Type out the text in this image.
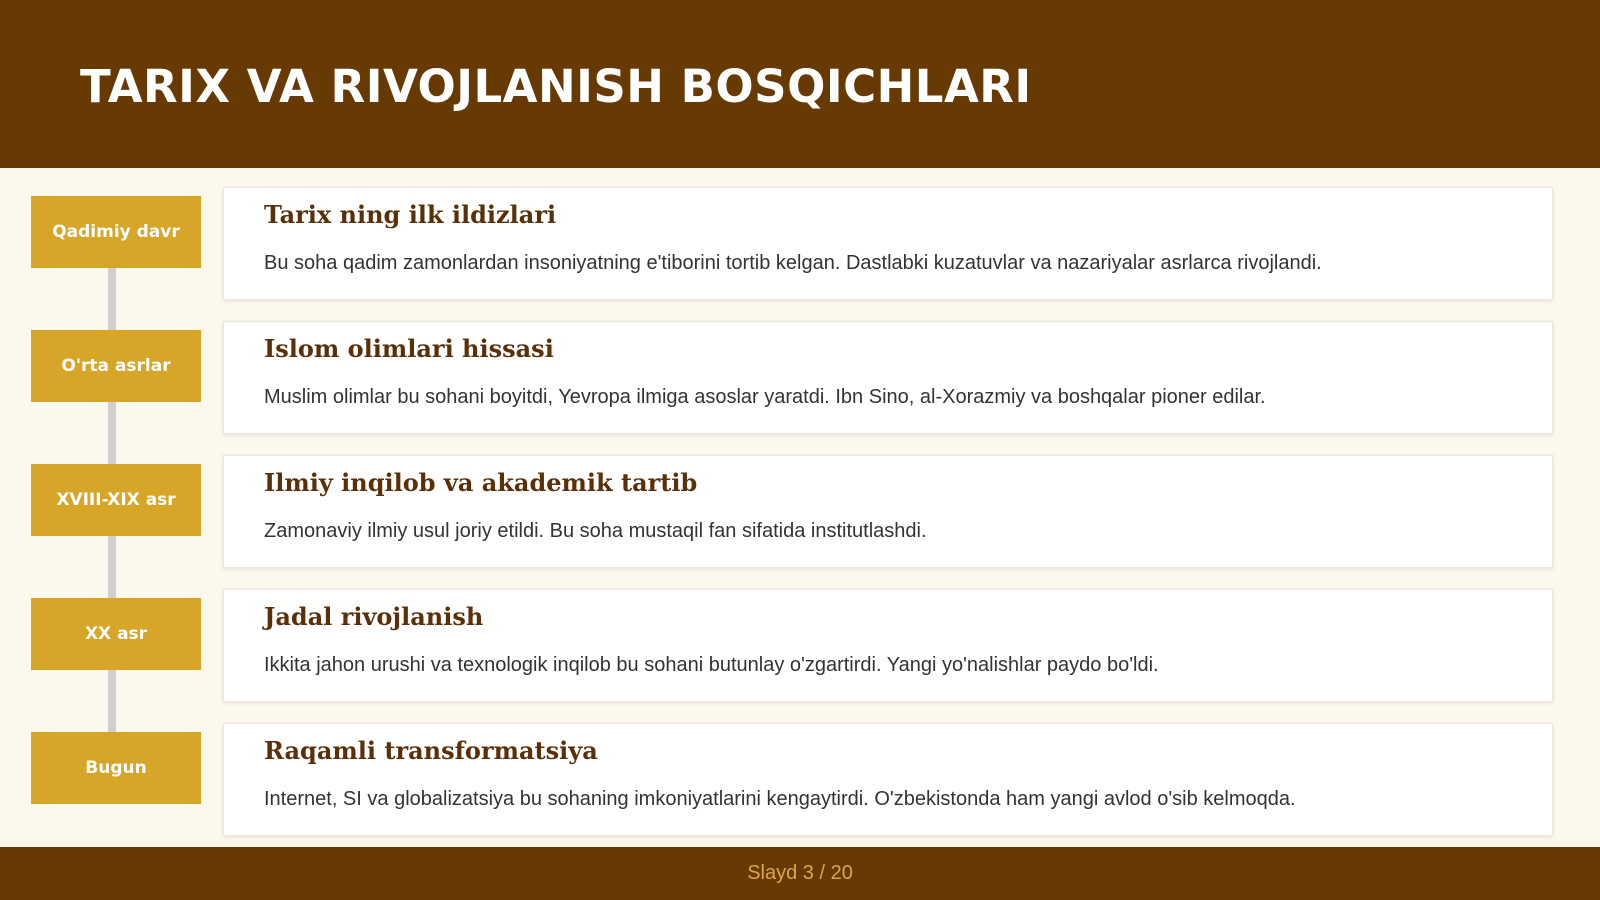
TARIX VA RIVOJLANISH BOSQICHLARI
Qadimiy davr
Tarix ning ilk ildizlari
Bu soha qadim zamonlardan insoniyatning e'tiborini tortib kelgan. Dastlabki kuzatuvlar va nazariyalar asrlarca rivojlandi.
O'rta asrlar
Islom olimlari hissasi
Muslim olimlar bu sohani boyitdi, Yevropa ilmiga asoslar yaratdi. Ibn Sino, al-Xorazmiy va boshqalar pioner edilar.
XVIII-XIX asr
Ilmiy inqilob va akademik tartib
Zamonaviy ilmiy usul joriy etildi. Bu soha mustaqil fan sifatida institutlashdi.
XX asr
Jadal rivojlanish
Ikkita jahon urushi va texnologik inqilob bu sohani butunlay o'zgartirdi. Yangi yo'nalishlar paydo bo'ldi.
Bugun
Raqamli transformatsiya
Internet, SI va globalizatsiya bu sohaning imkoniyatlarini kengaytirdi. O'zbekistonda ham yangi avlod o'sib kelmoqda.
Slayd 3 / 20
